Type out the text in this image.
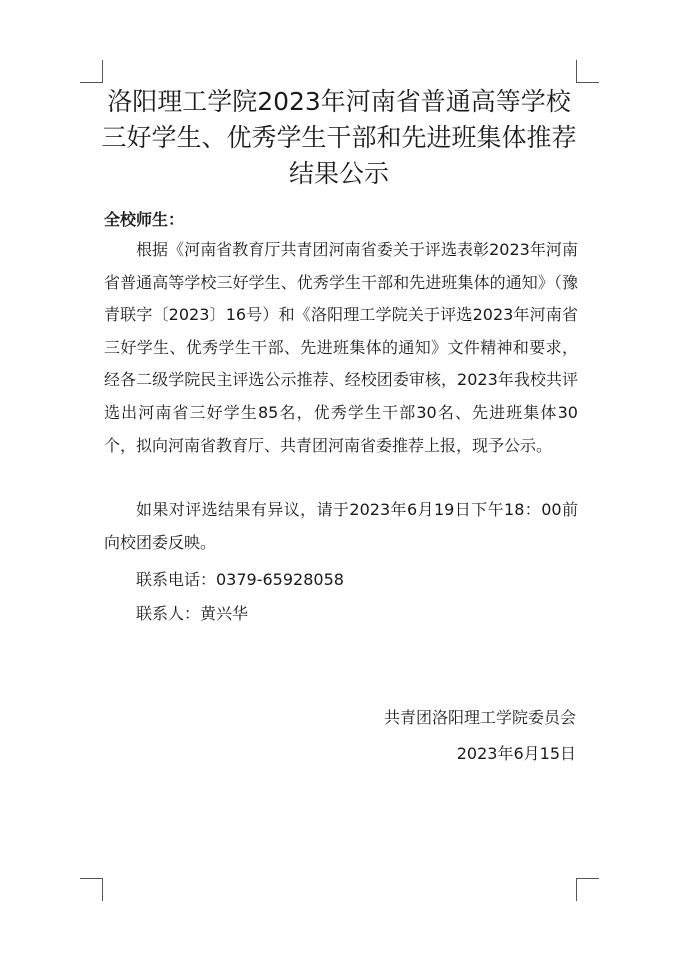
洛阳理工学院2023年河南省普通高等学校
三好学生、优秀学生干部和先进班集体推荐
结果公示

全校师生：

根据《河南省教育厅共青团河南省委关于评选表彰2023年河南省普通高等学校三好学生、优秀学生干部和先进班集体的通知》（豫青联字〔2023〕16号）和《洛阳理工学院关于评选2023年河南省三好学生、优秀学生干部、先进班集体的通知》文件精神和要求，经各二级学院民主评选公示推荐、经校团委审核，2023年我校共评选出河南省三好学生85名，优秀学生干部30名、先进班集体30个，拟向河南省教育厅、共青团河南省委推荐上报，现予公示。

如果对评选结果有异议，请于2023年6月19日下午18：00前向校团委反映。

联系电话：0379-65928058

联系人：黄兴华

共青团洛阳理工学院委员会

2023年6月15日
